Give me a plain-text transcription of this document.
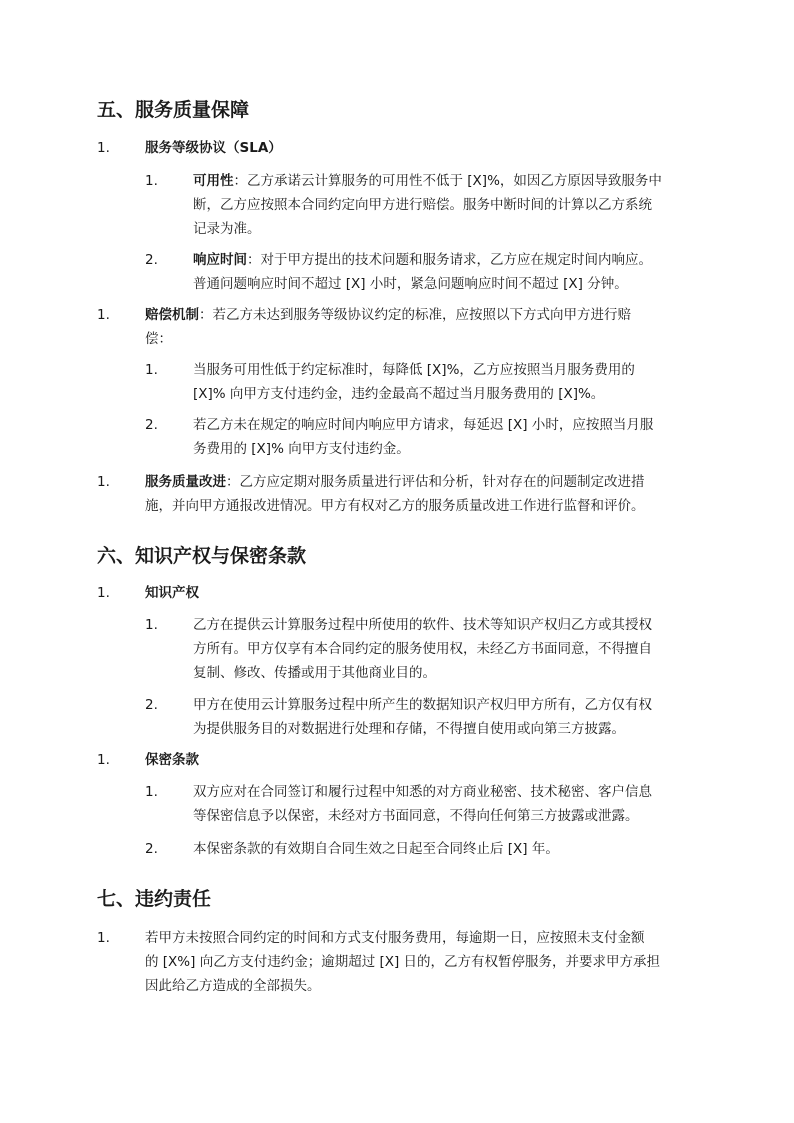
五、服务质量保障
1.	服务等级协议（SLA）
1.	可用性：乙方承诺云计算服务的可用性不低于 [X]%，如因乙方原因导致服务中
断，乙方应按照本合同约定向甲方进行赔偿。服务中断时间的计算以乙方系统
记录为准。
2.	响应时间：对于甲方提出的技术问题和服务请求，乙方应在规定时间内响应。
普通问题响应时间不超过 [X] 小时，紧急问题响应时间不超过 [X] 分钟。
1.	赔偿机制：若乙方未达到服务等级协议约定的标准，应按照以下方式向甲方进行赔
偿：
1.	当服务可用性低于约定标准时，每降低 [X]%，乙方应按照当月服务费用的
[X]% 向甲方支付违约金，违约金最高不超过当月服务费用的 [X]%。
2.	若乙方未在规定的响应时间内响应甲方请求，每延迟 [X] 小时，应按照当月服
务费用的 [X]% 向甲方支付违约金。
1.	服务质量改进：乙方应定期对服务质量进行评估和分析，针对存在的问题制定改进措
施，并向甲方通报改进情况。甲方有权对乙方的服务质量改进工作进行监督和评价。
六、知识产权与保密条款
1.	知识产权
1.	乙方在提供云计算服务过程中所使用的软件、技术等知识产权归乙方或其授权
方所有。甲方仅享有本合同约定的服务使用权，未经乙方书面同意，不得擅自
复制、修改、传播或用于其他商业目的。
2.	甲方在使用云计算服务过程中所产生的数据知识产权归甲方所有，乙方仅有权
为提供服务目的对数据进行处理和存储，不得擅自使用或向第三方披露。
1.	保密条款
1.	双方应对在合同签订和履行过程中知悉的对方商业秘密、技术秘密、客户信息
等保密信息予以保密，未经对方书面同意，不得向任何第三方披露或泄露。
2.	本保密条款的有效期自合同生效之日起至合同终止后 [X] 年。
七、违约责任
1.	若甲方未按照合同约定的时间和方式支付服务费用，每逾期一日，应按照未支付金额
的 [X%] 向乙方支付违约金；逾期超过 [X] 日的，乙方有权暂停服务，并要求甲方承担
因此给乙方造成的全部损失。
